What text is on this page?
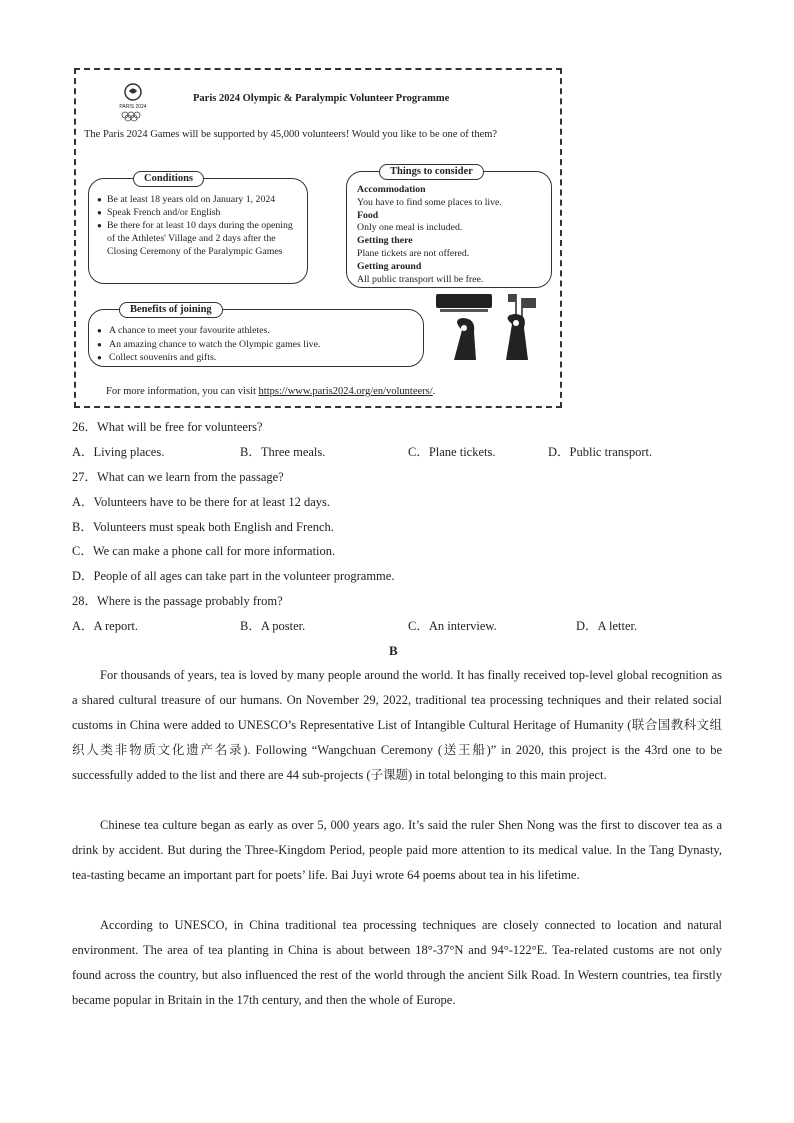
PARIS 2024
Paris 2024 Olympic & Paralympic Volunteer Programme
The Paris 2024 Games will be supported by 45,000 volunteers! Would you like to be one of them?
Conditions
● Be at least 18 years old on January 1, 2024
● Speak French and/or English
● Be there for at least 10 days during the opening of the Athletes' Village and 2 days after the Closing Ceremony of the Paralympic Games
Things to consider
Accommodation
You have to find some places to live.
Food
Only one meal is included.
Getting there
Plane tickets are not offered.
Getting around
All public transport will be free.
Benefits of joining
● A chance to meet your favourite athletes.
● An amazing chance to watch the Olympic games live.
● Collect souvenirs and gifts.
For more information, you can visit https://www.paris2024.org/en/volunteers/.
26．What will be free for volunteers?
A．Living places.	B．Three meals.	C．Plane tickets.	D．Public transport.
27．What can we learn from the passage?
A．Volunteers have to be there for at least 12 days.
B．Volunteers must speak both English and French.
C．We can make a phone call for more information.
D．People of all ages can take part in the volunteer programme.
28．Where is the passage probably from?
A．A report.	B．A poster.	C．An interview.	D．A letter.
B
For thousands of years, tea is loved by many people around the world. It has finally received top-level global recognition as a shared cultural treasure of our humans. On November 29, 2022, traditional tea processing techniques and their related social customs in China were added to UNESCO’s Representative List of Intangible Cultural Heritage of Humanity (联合国教科文组织人类非物质文化遗产名录). Following “Wangchuan Ceremony (送王船)” in 2020, this project is the 43rd one to be successfully added to the list and there are 44 sub-projects (子课题) in total belonging to this main project.
Chinese tea culture began as early as over 5, 000 years ago. It’s said the ruler Shen Nong was the first to discover tea as a drink by accident. But during the Three-Kingdom Period, people paid more attention to its medical value. In the Tang Dynasty, tea-tasting became an important part for poets’ life. Bai Juyi wrote 64 poems about tea in his lifetime.
According to UNESCO, in China traditional tea processing techniques are closely connected to location and natural environment. The area of tea planting in China is about between 18°-37°N and 94°-122°E. Tea-related customs are not only found across the country, but also influenced the rest of the world through the ancient Silk Road. In Western countries, tea firstly became popular in Britain in the 17th century, and then the whole of Europe.
